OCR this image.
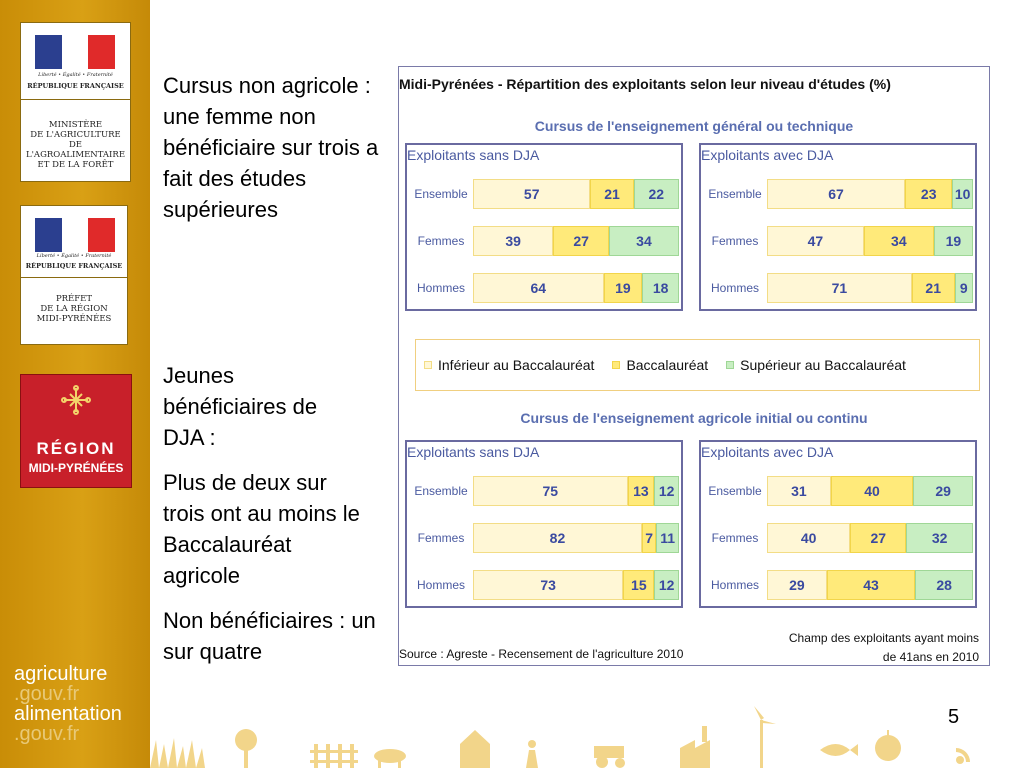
Liberté • Égalité • Fraternité
RÉPUBLIQUE FRANÇAISE
MINISTÈRE
DE L'AGRICULTURE
DE L'AGROALIMENTAIRE
ET DE LA FORÊT
Liberté • Égalité • Fraternité
RÉPUBLIQUE FRANÇAISE
PRÉFET
DE LA RÉGION
MIDI-PYRÉNÉES
RÉGION
MIDI-PYRÉNÉES
agriculture
.gouv.fr
alimentation
.gouv.fr
Cursus non agricole : une femme non bénéficiaire sur trois a fait des études supérieures
Jeunes bénéficiaires de DJA :
Plus de deux sur trois ont au moins le Baccalauréat agricole
Non bénéficiaires : un sur quatre
Midi-Pyrénées - Répartition des exploitants selon leur niveau d'études (%)
Cursus de l'enseignement général ou technique
Exploitants sans DJA
Ensemble	57	21	22
Femmes	39	27	34
Hommes	64	19	18
Exploitants avec DJA
Ensemble	67	23	10
Femmes	47	34	19
Hommes	71	21	9
Inférieur au Baccalauréat Baccalauréat Supérieur au Baccalauréat
Cursus de l'enseignement agricole initial ou continu
Exploitants sans DJA
Ensemble	75	13 12
Femmes	82	7 11
Hommes	73	15 12
Exploitants avec DJA
Ensemble	31	40	29
Femmes	40	27	32
Hommes	29	43	28
Champ des exploitants ayant moins
de 41ans en 2010
Source : Agreste - Recensement de l'agriculture 2010
5
